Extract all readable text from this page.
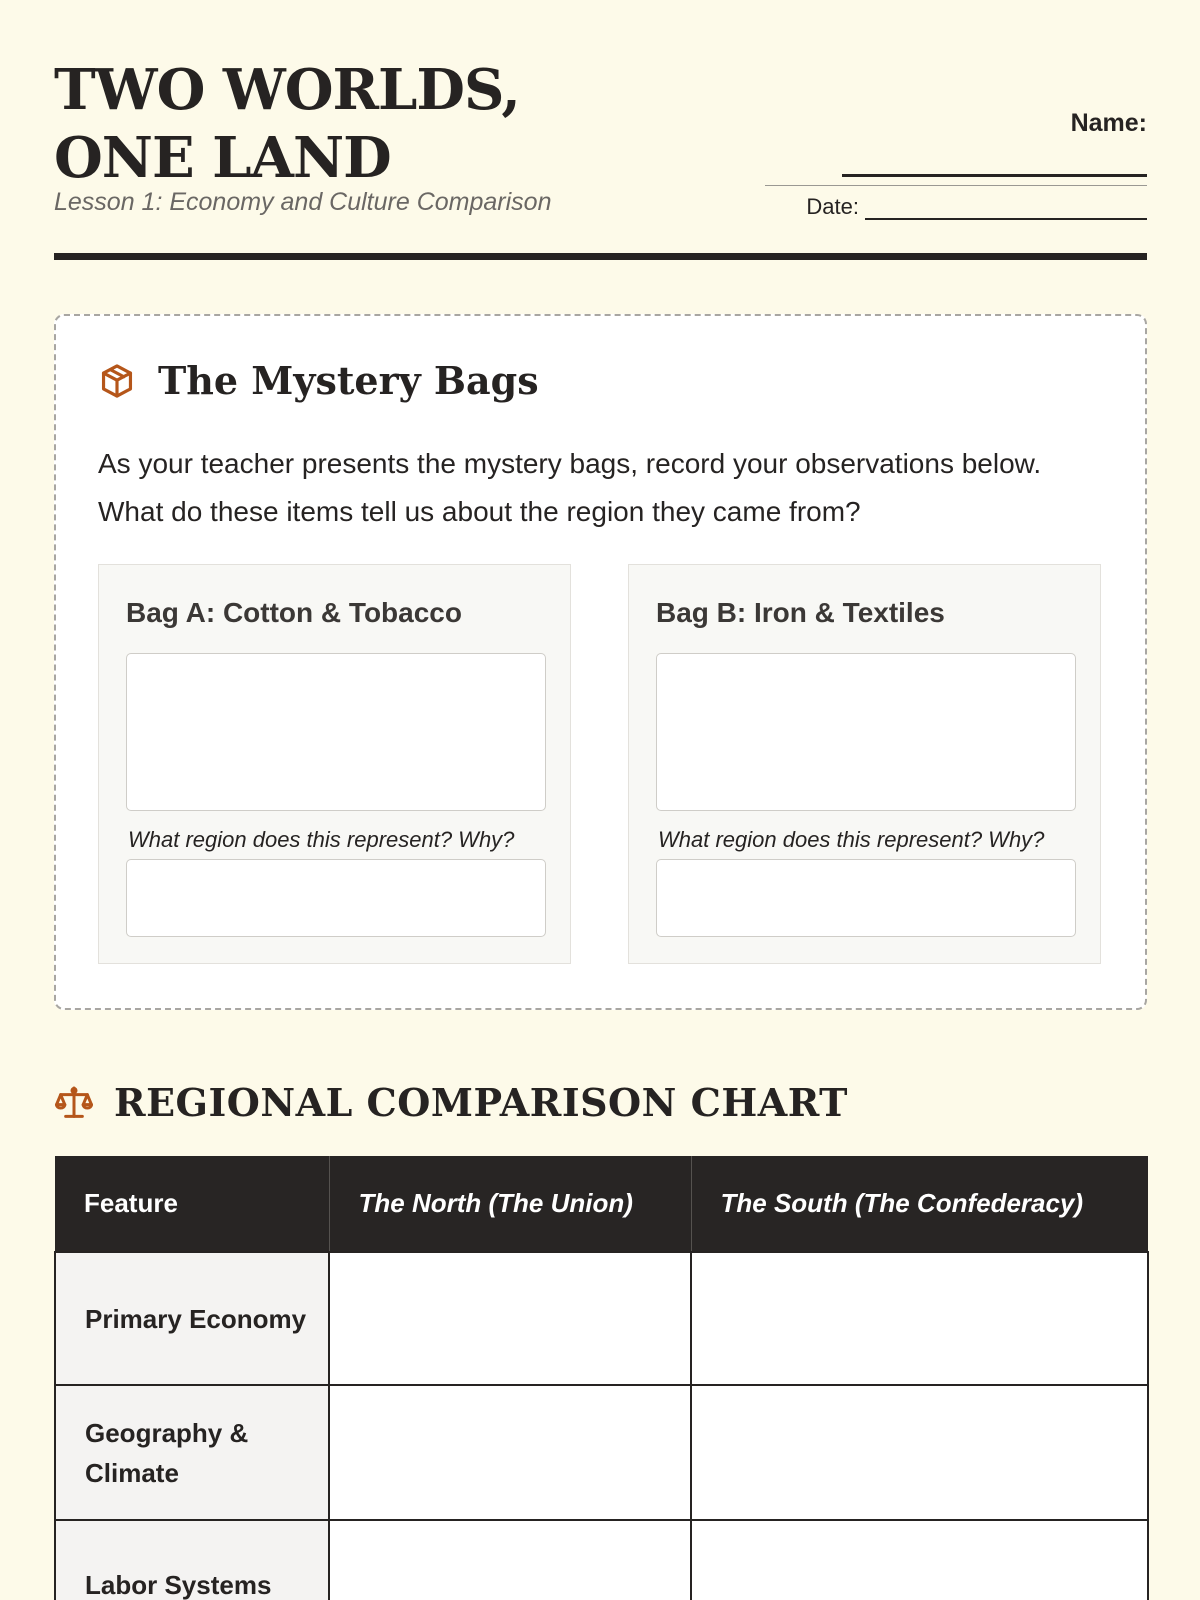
TWO WORLDS, ONE LAND
Lesson 1: Economy and Culture Comparison
Name:
Date:
The Mystery Bags
As your teacher presents the mystery bags, record your observations below. What do these items tell us about the region they came from?
Bag A: Cotton & Tobacco
What region does this represent? Why?
Bag B: Iron & Textiles
What region does this represent? Why?
REGIONAL COMPARISON CHART
Feature	The North (The Union)	The South (The Confederacy)
Primary Economy		
Geography & Climate		
Labor Systems		
